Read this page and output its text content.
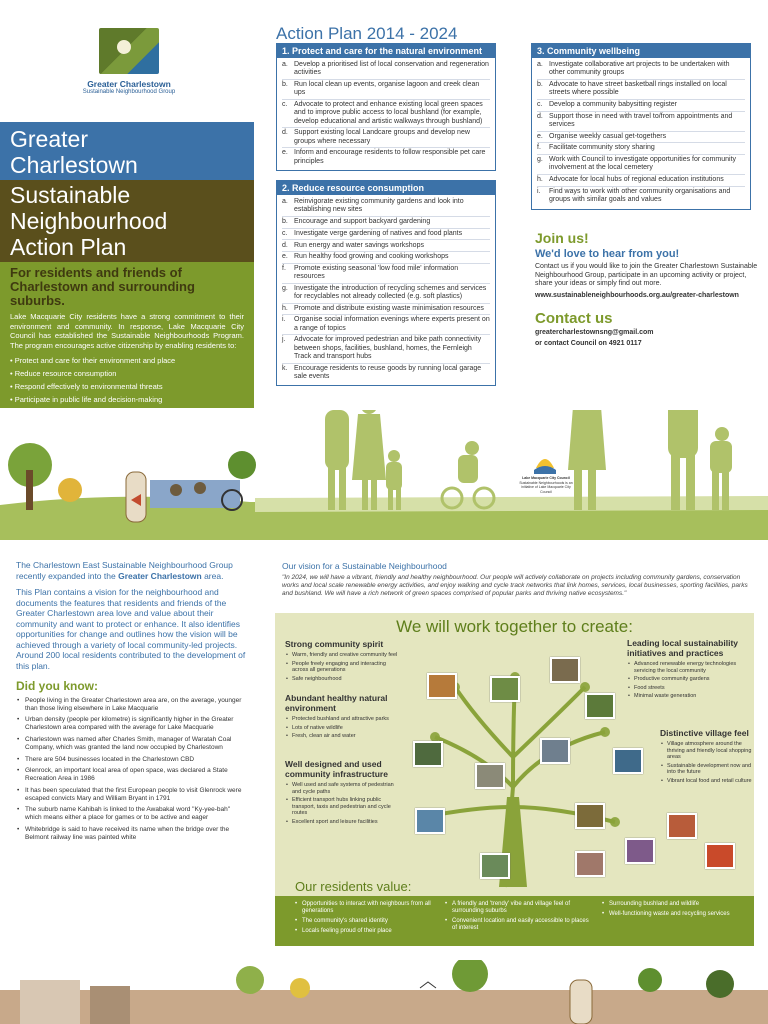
Greater Charlestown
Sustainable Neighbourhood Group
Greater
Charlestown
Sustainable
Neighbourhood
Action Plan
For residents and friends of Charlestown and surrounding suburbs.
Lake Macquarie City residents have a strong commitment to their environment and community. In response, Lake Macquarie City Council has established the Sustainable Neighbourhoods Program. The program encourages active citizenship by enabling residents to:
• Protect and care for their environment and place
• Reduce resource consumption
• Respond effectively to environmental threats
• Participate in public life and decision-making
Action Plan 2014 - 2024
1. Protect and care for the natural environment
a. Develop a prioritised list of local conservation and regeneration activities
b. Run local clean up events, organise lagoon and creek clean ups
c. Advocate to protect and enhance existing local green spaces and to improve public access to local bushland (for example, develop educational and artistic walkways through bushland)
d. Support existing local Landcare groups and develop new groups where necessary
e. Inform and encourage residents to follow responsible pet care principles
2. Reduce resource consumption
a. Reinvigorate existing community gardens and look into establishing new sites
b. Encourage and support backyard gardening
c. Investigate verge gardening of natives and food plants
d. Run energy and water savings workshops
e. Run healthy food growing and cooking workshops
f. Promote existing seasonal 'low food mile' information resources
g. Investigate the introduction of recycling schemes and services for recyclables not already collected (e.g. soft plastics)
h. Promote and distribute existing waste minimisation resources
i. Organise social information evenings where experts present on a range of topics
j. Advocate for improved pedestrian and bike path connectivity between shops, facilities, bushland, homes, the Fernleigh Track and transport hubs
k. Encourage residents to reuse goods by running local garage sale events
3. Community wellbeing
a. Investigate collaborative art projects to be undertaken with other community groups
b. Advocate to have street basketball rings installed on local streets where possible
c. Develop a community babysitting register
d. Support those in need with travel to/from appointments and services
e. Organise weekly casual get-togethers
f. Facilitate community story sharing
g. Work with Council to investigate opportunities for community involvement at the local cemetery
h. Advocate for local hubs of regional education institutions
i. Find ways to work with other community organisations and groups with similar goals and values
Join us!
We'd love to hear from you!
Contact us if you would like to join the Greater Charlestown Sustainable Neighbourhood Group, participate in an upcoming activity or project, share your ideas or simply find out more.
www.sustainableneighbourhoods.org.au/greater-charlestown
Contact us
greatercharlestownsng@gmail.com
or contact Council on 4921 0117
Lake Macquarie City Council
Sustainable Neighbourhoods is an initiative of Lake Macquarie City Council
The Charlestown East Sustainable Neighbourhood Group recently expanded into the Greater Charlestown area.
This Plan contains a vision for the neighbourhood and documents the features that residents and friends of the Greater Charlestown area love and value about their community and want to protect or enhance. It also identifies opportunities for change and outlines how the vision will be achieved through a variety of local community-led projects. Around 200 local residents contributed to the development of this plan.
Did you know:
• People living in the Greater Charlestown area are, on the average, younger than those living elsewhere in Lake Macquarie
• Urban density (people per kilometre) is significantly higher in the Greater Charlestown area compared with the average for Lake Macquarie
• Charlestown was named after Charles Smith, manager of Waratah Coal Company, which was granted the land now occupied by Charlestown
• There are 504 businesses located in the Charlestown CBD
• Glenrock, an important local area of open space, was declared a State Recreation Area in 1986
• It has been speculated that the first European people to visit Glenrock were escaped convicts Mary and William Bryant in 1791
• The suburb name Kahibah is linked to the Awabakal word "Ky-yee-bah" which means either a place for games or to be active and eager
• Whitebridge is said to have received its name when the bridge over the Belmont railway line was painted white
Our vision for a Sustainable Neighbourhood
"In 2024, we will have a vibrant, friendly and healthy neighbourhood. Our people will actively collaborate on projects including community gardens, conservation works and local scale renewable energy activities, and enjoy walking and cycle track networks that link homes, services, local businesses, sporting facilities, parks and bushland. We will have a rich network of green spaces comprised of popular parks and thriving native ecosystems."
We will work together to create:
Strong community spirit
• Warm, friendly and creative community feel
• People freely engaging and interacting across all generations
• Safe neighbourhood
Abundant healthy natural environment
• Protected bushland and attractive parks
• Lots of native wildlife
• Fresh, clean air and water
Well designed and used community infrastructure
• Well used and safe systems of pedestrian and cycle paths
• Efficient transport hubs linking public transport, taxis and pedestrian and cycle routes
• Excellent sport and leisure facilities
Leading local sustainability initiatives and practices
• Advanced renewable energy technologies servicing the local community
• Productive community gardens
• Food streets
• Minimal waste generation
Distinctive village feel
• Village atmosphere around the thriving and friendly local shopping areas
• Sustainable development now and into the future
• Vibrant local food and retail culture
Our residents value:
• Opportunities to interact with neighbours from all generations
• The community's shared identity
• Locals feeling proud of their place
• A friendly and 'trendy' vibe and village feel of surrounding suburbs
• Convenient location and easily accessible to places of interest
• Surrounding bushland and wildlife
• Well-functioning waste and recycling services
